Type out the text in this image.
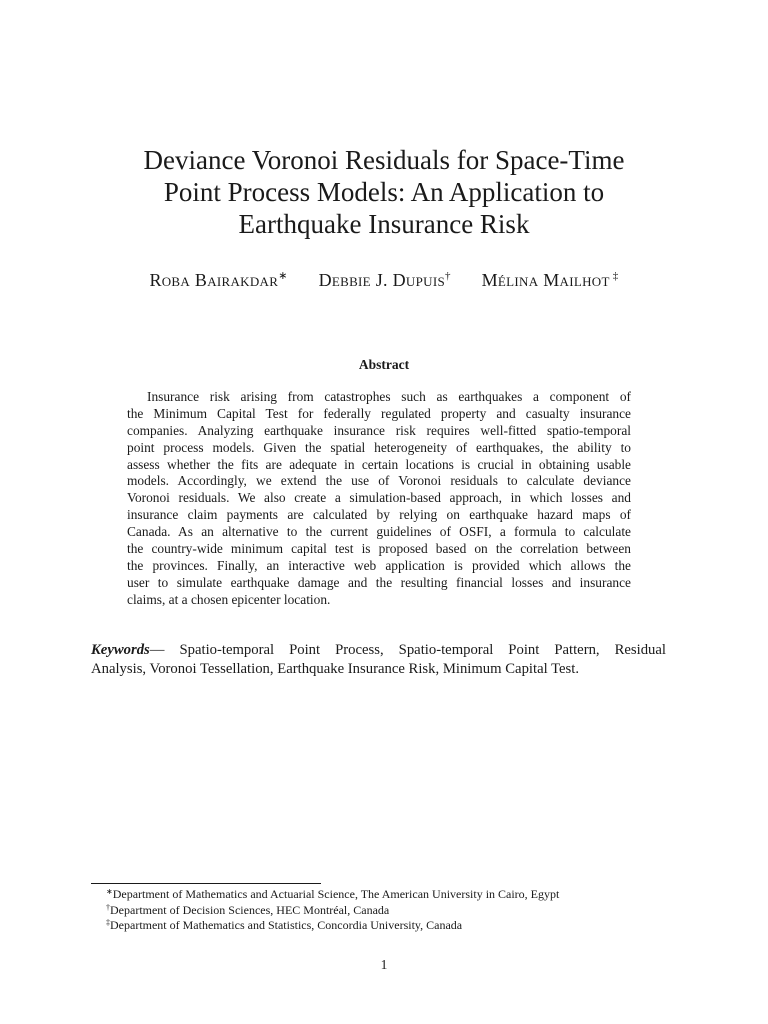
Deviance Voronoi Residuals for Space-Time
Point Process Models: An Application to
Earthquake Insurance Risk
Roba Bairakdar∗ Debbie J. Dupuis† Mélina Mailhot ‡
Abstract
Insurance risk arising from catastrophes such as earthquakes a component of
the Minimum Capital Test for federally regulated property and casualty insurance
companies. Analyzing earthquake insurance risk requires well-fitted spatio-temporal
point process models. Given the spatial heterogeneity of earthquakes, the ability to
assess whether the fits are adequate in certain locations is crucial in obtaining usable
models. Accordingly, we extend the use of Voronoi residuals to calculate deviance
Voronoi residuals. We also create a simulation-based approach, in which losses and
insurance claim payments are calculated by relying on earthquake hazard maps of
Canada. As an alternative to the current guidelines of OSFI, a formula to calculate
the country-wide minimum capital test is proposed based on the correlation between
the provinces. Finally, an interactive web application is provided which allows the
user to simulate earthquake damage and the resulting financial losses and insurance
claims, at a chosen epicenter location.
Keywords— Spatio-temporal Point Process, Spatio-temporal Point Pattern, Residual
Analysis, Voronoi Tessellation, Earthquake Insurance Risk, Minimum Capital Test.
∗Department of Mathematics and Actuarial Science, The American University in Cairo, Egypt
†Department of Decision Sciences, HEC Montréal, Canada
‡Department of Mathematics and Statistics, Concordia University, Canada
1
